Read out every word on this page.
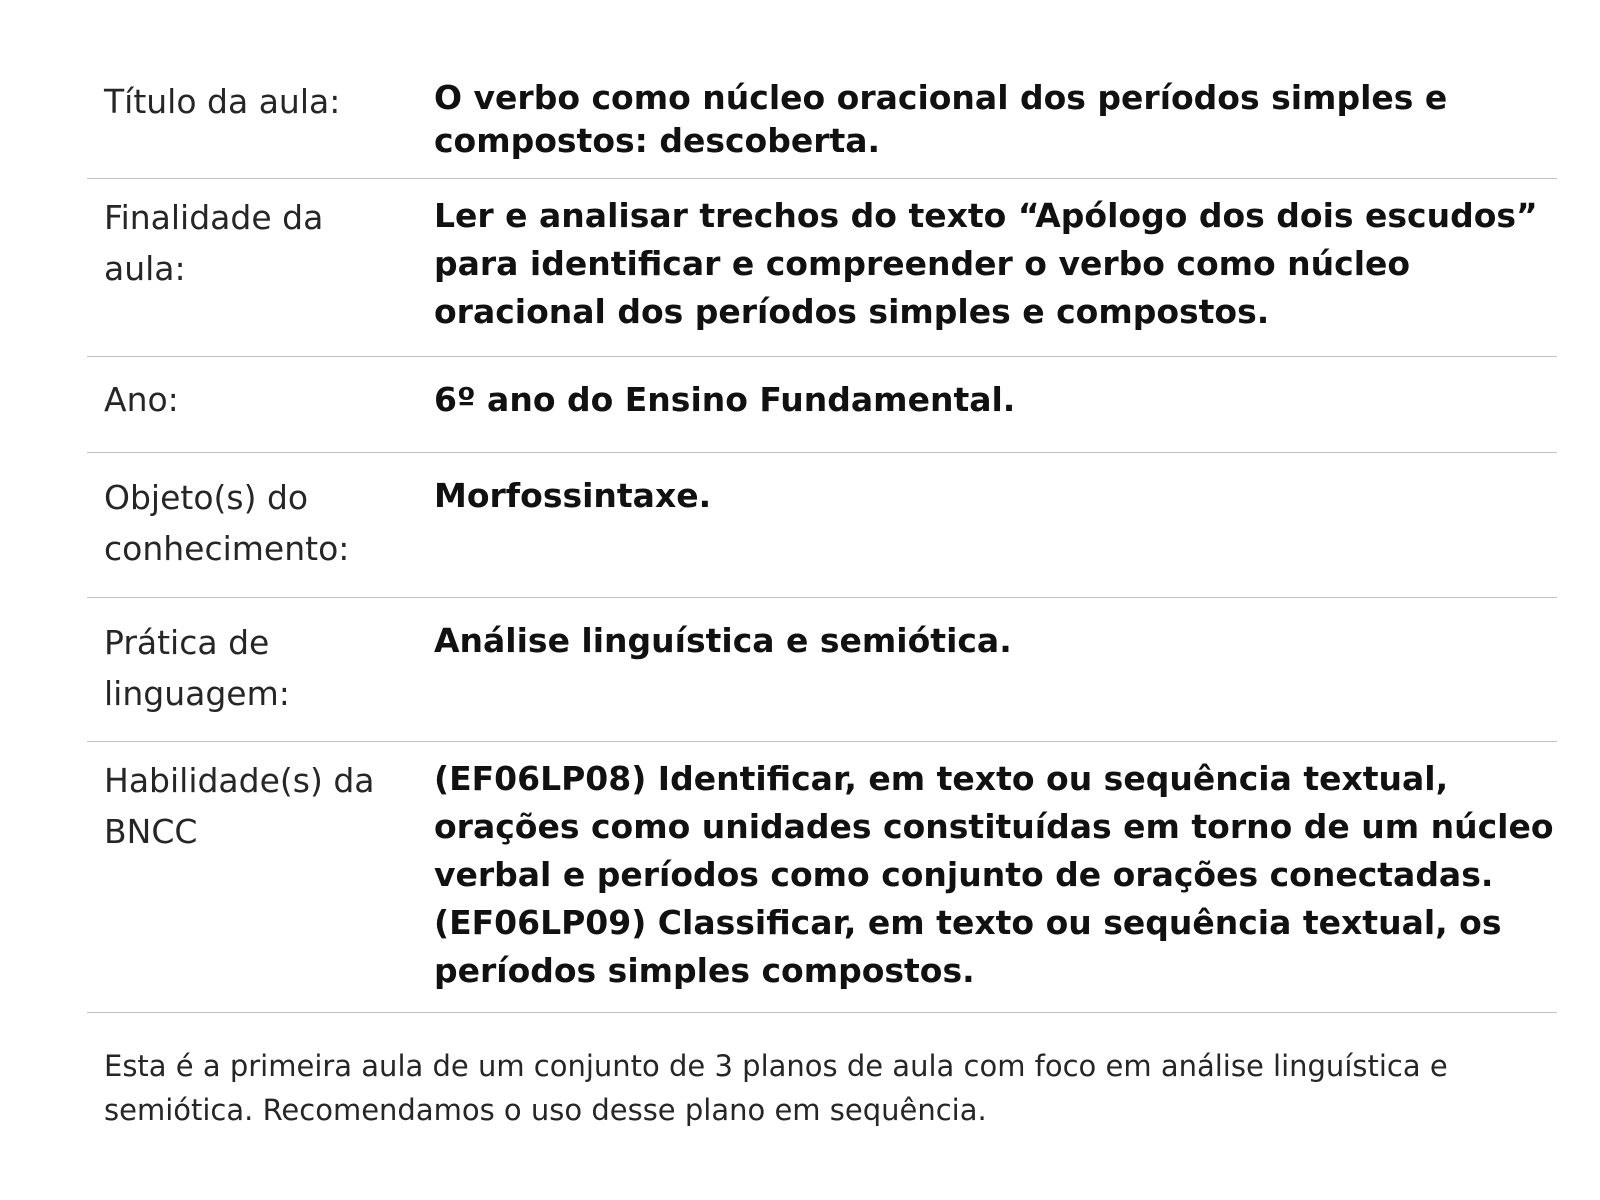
Título da aula:	O verbo como núcleo oracional dos períodos simples e
compostos: descoberta.
Finalidade da
aula:	Ler e analisar trechos do texto “Apólogo dos dois escudos”
para identificar e compreender o verbo como núcleo
oracional dos períodos simples e compostos.
Ano:	6º ano do Ensino Fundamental.
Objeto(s) do
conhecimento:	Morfossintaxe.
Prática de
linguagem:	Análise linguística e semiótica.
Habilidade(s) da
BNCC	(EF06LP08) Identificar, em texto ou sequência textual,
orações como unidades constituídas em torno de um núcleo
verbal e períodos como conjunto de orações conectadas.
(EF06LP09) Classificar, em texto ou sequência textual, os
períodos simples compostos.

Esta é a primeira aula de um conjunto de 3 planos de aula com foco em análise linguística e semiótica. Recomendamos o uso desse plano em sequência.
